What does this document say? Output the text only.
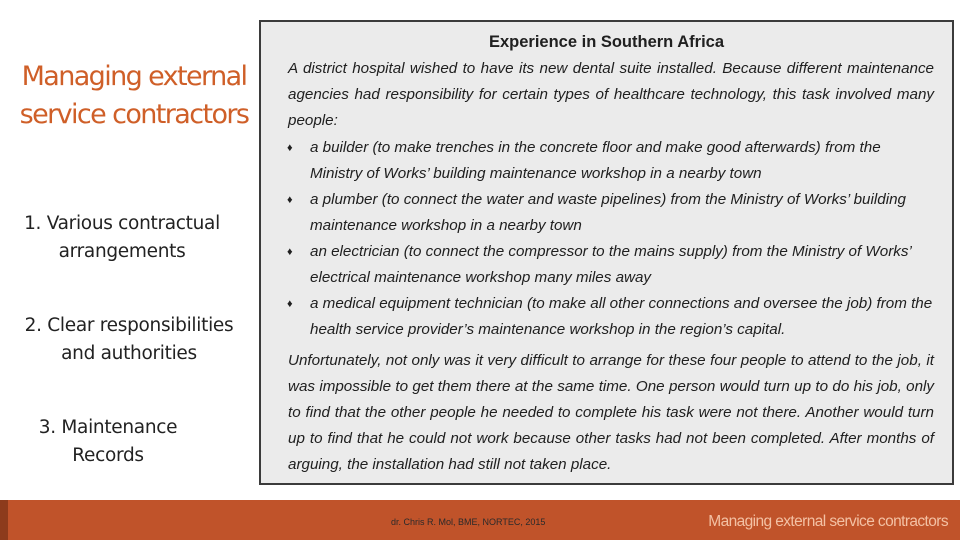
Managing external service contractors
1. Various contractual arrangements
2. Clear responsibilities and authorities
3. Maintenance Records
Experience in Southern Africa
A district hospital wished to have its new dental suite installed. Because different maintenance agencies had responsibility for certain types of healthcare technology, this task involved many people:
♦ a builder (to make trenches in the concrete floor and make good afterwards) from the Ministry of Works’ building maintenance workshop in a nearby town
♦ a plumber (to connect the water and waste pipelines) from the Ministry of Works’ building maintenance workshop in a nearby town
♦ an electrician (to connect the compressor to the mains supply) from the Ministry of Works’ electrical maintenance workshop many miles away
♦ a medical equipment technician (to make all other connections and oversee the job) from the health service provider’s maintenance workshop in the region’s capital.
Unfortunately, not only was it very difficult to arrange for these four people to attend to the job, it was impossible to get them there at the same time. One person would turn up to do his job, only to find that the other people he needed to complete his task were not there. Another would turn up to find that he could not work because other tasks had not been completed. After months of arguing, the installation had still not taken place.
dr. Chris R. Mol, BME, NORTEC, 2015	Managing external service contractors
